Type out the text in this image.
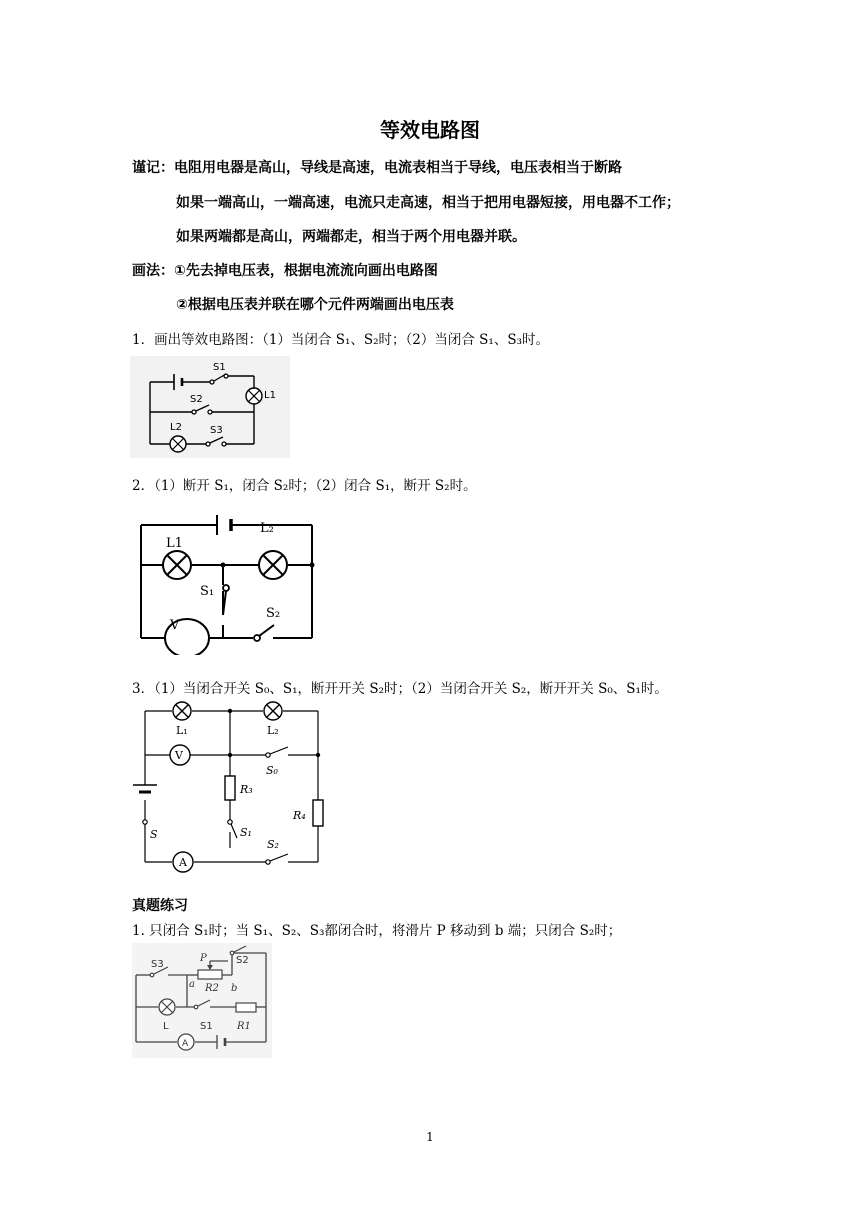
等效电路图
谨记：电阻用电器是高山，导线是高速，电流表相当于导线，电压表相当于断路
如果一端高山，一端高速，电流只走高速，相当于把用电器短接，用电器不工作；
如果两端都是高山，两端都走，相当于两个用电器并联。
画法：①先去掉电压表，根据电流流向画出电路图
②根据电压表并联在哪个元件两端画出电压表
1．画出等效电路图：（1）当闭合 S₁、S₂时；（2）当闭合 S₁、S₃时。
S1
L1
S2
L2	S3
2．（1）断开 S₁，闭合 S₂时；（2）闭合 S₁，断开 S₂时。
L1
L₂
S₁
S₂
V
3．（1）当闭合开关 S₀、S₁，断开开关 S₂时；（2）当闭合开关 S₂，断开开关 S₀、S₁时。
L₁	L₂
V
S₀
R₃
R₄
S	S₁
A
S₂
真题练习
1. 只闭合 S₁时；当 S₁、S₂、S₃都闭合时，将滑片 P 移动到 b 端；只闭合 S₂时；
S3
P	S2
a R2 b
L	S1 R1
A
1
